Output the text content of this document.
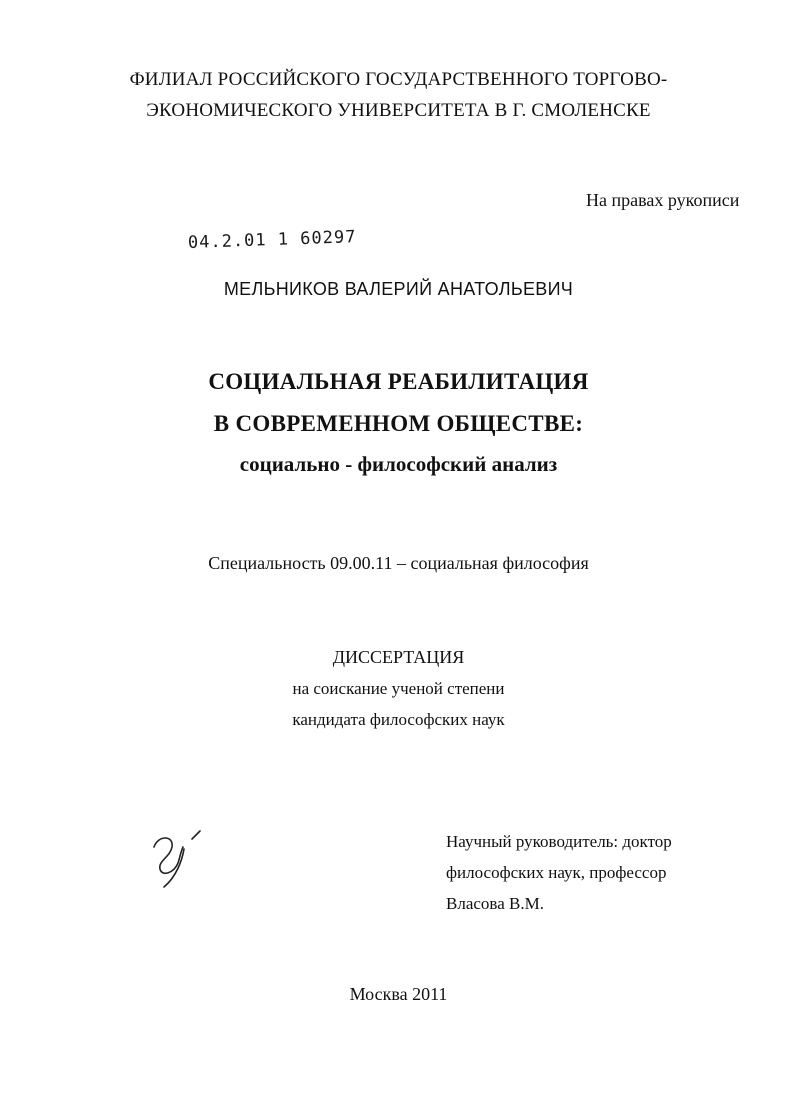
ФИЛИАЛ РОССИЙСКОГО ГОСУДАРСТВЕННОГО ТОРГОВО-
ЭКОНОМИЧЕСКОГО УНИВЕРСИТЕТА В Г. СМОЛЕНСКЕ
На правах рукописи
04.2.01 1 60297
МЕЛЬНИКОВ ВАЛЕРИЙ АНАТОЛЬЕВИЧ
СОЦИАЛЬНАЯ РЕАБИЛИТАЦИЯ
В СОВРЕМЕННОМ ОБЩЕСТВЕ:
социально - философский анализ
Специальность 09.00.11 – социальная философия
ДИССЕРТАЦИЯ
на соискание ученой степени
кандидата философских наук
Научный руководитель: доктор
философских наук, профессор
Власова В.М.
Москва 2011
